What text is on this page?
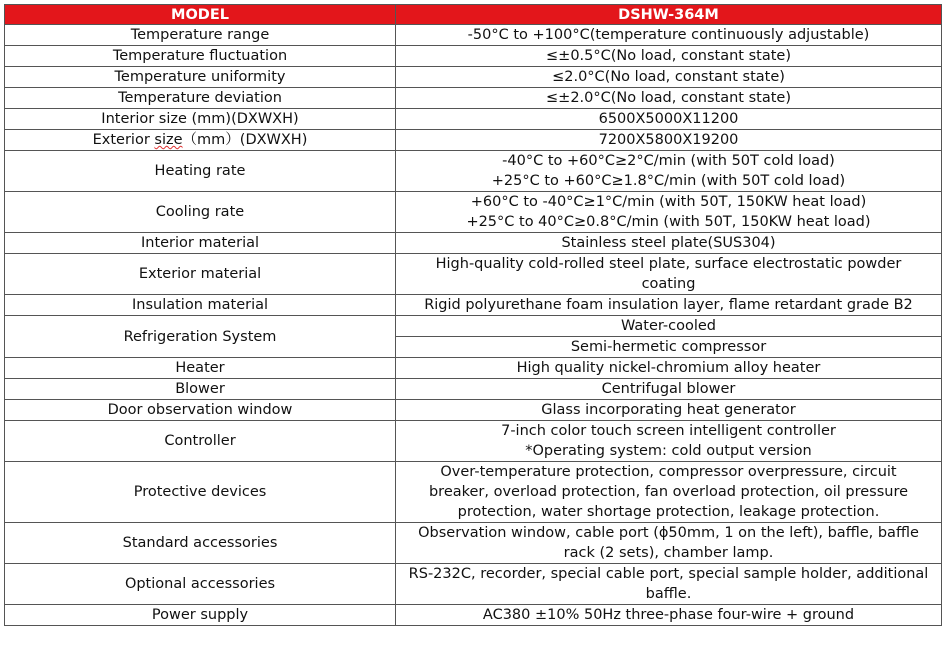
MODEL	DSHW-364M
Temperature range	-50°C to +100°C(temperature continuously adjustable)

Temperature fluctuation	≤±0.5°C(No load, constant state)

Temperature uniformity	≤2.0°C(No load, constant state)

Temperature deviation	≤±2.0°C(No load, constant state)

Interior size (mm)(DXWXH)	6500X5000X11200

Exterior size（mm）(DXWXH)	7200X5800X19200

Heating rate	-40°C to +60°C≥2°C/min (with 50T cold load)
+25°C to +60°C≥1.8°C/min (with 50T cold load)

Cooling rate	+60°C to -40°C≥1°C/min (with 50T, 150KW heat load)
+25°C to 40°C≥0.8°C/min (with 50T, 150KW heat load)

Interior material	Stainless steel plate(SUS304)

Exterior material	High-quality cold-rolled steel plate, surface electrostatic powder
coating

Insulation material	Rigid polyurethane foam insulation layer, flame retardant grade B2

Refrigeration System	Water-cooled
	Semi-hermetic compressor
Heater	High quality nickel-chromium alloy heater

Blower	Centrifugal blower

Door observation window	Glass incorporating heat generator

Controller	7-inch color touch screen intelligent controller
*Operating system: cold output version

Protective devices	Over-temperature protection, compressor overpressure, circuit
breaker, overload protection, fan overload protection, oil pressure
protection, water shortage protection, leakage protection.

Standard accessories	Observation window, cable port (ϕ50mm, 1 on the left), baffle, baffle
rack (2 sets), chamber lamp.

Optional accessories	RS-232C, recorder, special cable port, special sample holder, additional
baffle.

Power supply	AC380 ±10% 50Hz three-phase four-wire + ground
